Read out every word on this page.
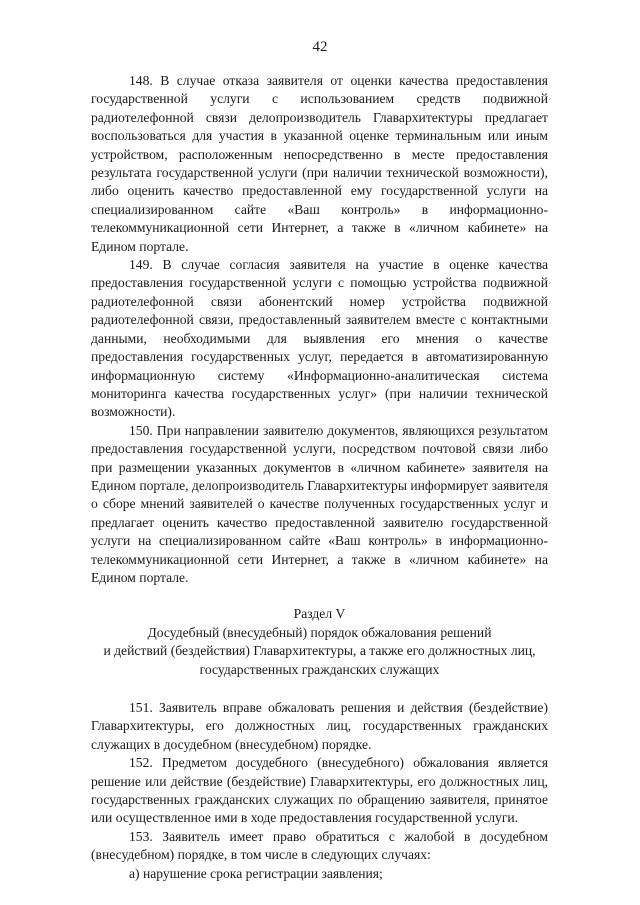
42

148. В случае отказа заявителя от оценки качества предоставления государственной услуги с использованием средств подвижной радиотелефонной связи делопроизводитель Главархитектуры предлагает воспользоваться для участия в указанной оценке терминальным или иным устройством, расположенным непосредственно в месте предоставления результата государственной услуги (при наличии технической возможности), либо оценить качество предоставленной ему государственной услуги на специализированном сайте «Ваш контроль» в информационно-телекоммуникационной сети Интернет, а также в «личном кабинете» на Едином портале.

149. В случае согласия заявителя на участие в оценке качества предоставления государственной услуги с помощью устройства подвижной радиотелефонной связи абонентский номер устройства подвижной радиотелефонной связи, предоставленный заявителем вместе с контактными данными, необходимыми для выявления его мнения о качестве предоставления государственных услуг, передается в автоматизированную информационную систему «Информационно-аналитическая система мониторинга качества государственных услуг» (при наличии технической возможности).

150. При направлении заявителю документов, являющихся результатом предоставления государственной услуги, посредством почтовой связи либо при размещении указанных документов в «личном кабинете» заявителя на Едином портале, делопроизводитель Главархитектуры информирует заявителя о сборе мнений заявителей о качестве полученных государственных услуг и предлагает оценить качество предоставленной заявителю государственной услуги на специализированном сайте «Ваш контроль» в информационно-телекоммуникационной сети Интернет, а также в «личном кабинете» на Едином портале.

Раздел V

Досудебный (внесудебный) порядок обжалования решений

и действий (бездействия) Главархитектуры, а также его должностных лиц,

государственных гражданских служащих

151. Заявитель вправе обжаловать решения и действия (бездействие) Главархитектуры, его должностных лиц, государственных гражданских служащих в досудебном (внесудебном) порядке.

152. Предметом досудебного (внесудебного) обжалования является решение или действие (бездействие) Главархитектуры, его должностных лиц, государственных гражданских служащих по обращению заявителя, принятое или осуществленное ими в ходе предоставления государственной услуги.

153. Заявитель имеет право обратиться с жалобой в досудебном (внесудебном) порядке, в том числе в следующих случаях:

а) нарушение срока регистрации заявления;
